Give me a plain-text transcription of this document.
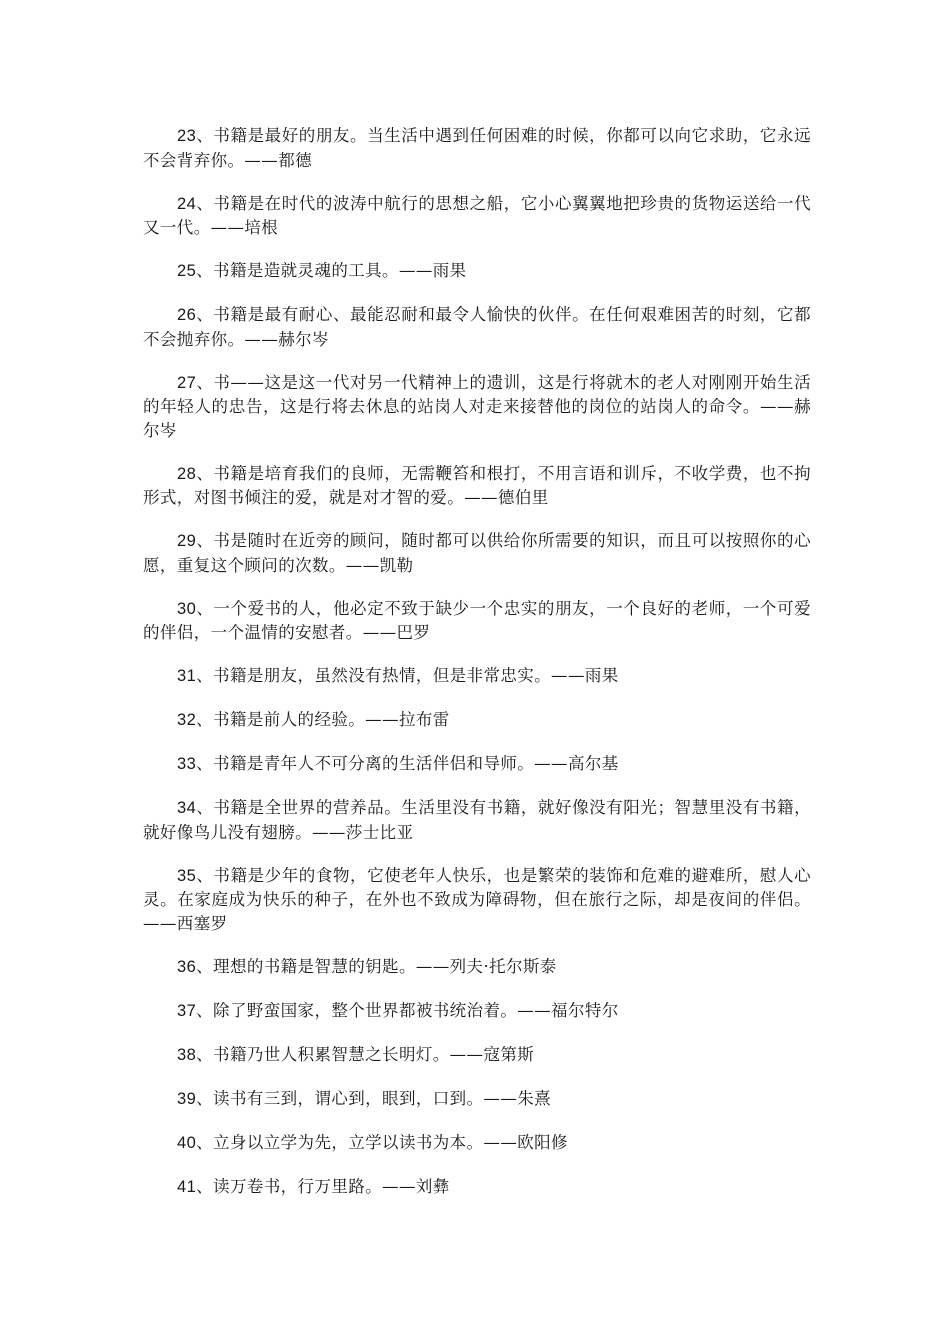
23、书籍是最好的朋友。当生活中遇到任何困难的时候，你都可以向它求助，它永远不会背弃你。——都德

24、书籍是在时代的波涛中航行的思想之船，它小心翼翼地把珍贵的货物运送给一代又一代。——培根

25、书籍是造就灵魂的工具。——雨果

26、书籍是最有耐心、最能忍耐和最令人愉快的伙伴。在任何艰难困苦的时刻，它都不会抛弃你。——赫尔岑

27、书——这是这一代对另一代精神上的遗训，这是行将就木的老人对刚刚开始生活的年轻人的忠告，这是行将去休息的站岗人对走来接替他的岗位的站岗人的命令。——赫尔岑

28、书籍是培育我们的良师，无需鞭笞和根打，不用言语和训斥，不收学费，也不拘形式，对图书倾注的爱，就是对才智的爱。——德伯里

29、书是随时在近旁的顾问，随时都可以供给你所需要的知识，而且可以按照你的心愿，重复这个顾问的次数。——凯勒

30、一个爱书的人，他必定不致于缺少一个忠实的朋友，一个良好的老师，一个可爱的伴侣，一个温情的安慰者。——巴罗

31、书籍是朋友，虽然没有热情，但是非常忠实。——雨果

32、书籍是前人的经验。——拉布雷

33、书籍是青年人不可分离的生活伴侣和导师。——高尔基

34、书籍是全世界的营养品。生活里没有书籍，就好像没有阳光；智慧里没有书籍，就好像鸟儿没有翅膀。——莎士比亚

35、书籍是少年的食物，它使老年人快乐，也是繁荣的装饰和危难的避难所，慰人心灵。在家庭成为快乐的种子，在外也不致成为障碍物，但在旅行之际，却是夜间的伴侣。——西塞罗

36、理想的书籍是智慧的钥匙。——列夫·托尔斯泰

37、除了野蛮国家，整个世界都被书统治着。——福尔特尔

38、书籍乃世人积累智慧之长明灯。——寇第斯

39、读书有三到，谓心到，眼到，口到。——朱熹

40、立身以立学为先，立学以读书为本。——欧阳修

41、读万卷书，行万里路。——刘彝
